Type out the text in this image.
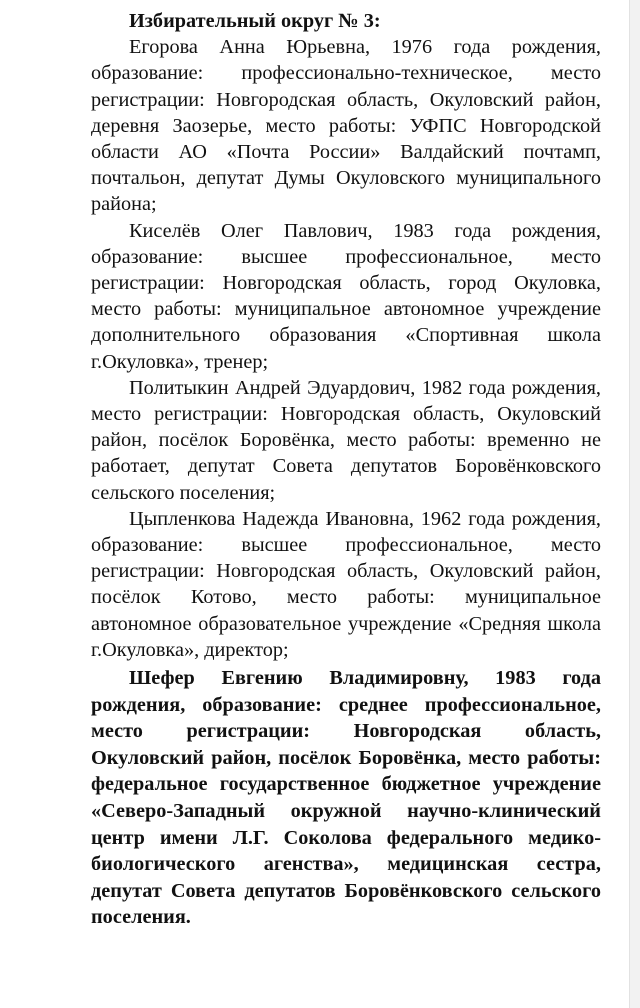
Избирательный округ № 3:

Егорова Анна Юрьевна, 1976 года рождения, образование: профессионально-техническое, место регистрации: Новгородская область, Окуловский район, деревня Заозерье, место работы: УФПС Новгородской области АО «Почта России» Валдайский почтамп, почтальон, депутат Думы Окуловского муниципального района;

Киселёв Олег Павлович, 1983 года рождения, образование: высшее профессиональное, место регистрации: Новгородская область, город Окуловка, место работы: муниципальное автономное учреждение дополнительного образования «Спортивная школа г.Окуловка», тренер;

Политыкин Андрей Эдуардович, 1982 года рождения, место регистрации: Новгородская область, Окуловский район, посёлок Боровёнка, место работы: временно не работает, депутат Совета депутатов Боровёнковского сельского поселения;

Цыпленкова Надежда Ивановна, 1962 года рождения, образование: высшее профессиональное, место регистрации: Новгородская область, Окуловский район, посёлок Котово, место работы: муниципальное автономное образовательное учреждение «Средняя школа г.Окуловка», директор;

Шефер Евгению Владимировну, 1983 года рождения, образование: среднее профессиональное, место регистрации: Новгородская область, Окуловский район, посёлок Боровёнка, место работы: федеральное государственное бюджетное учреждение «Северо-Западный окружной научно-клинический центр имени Л.Г. Соколова федерального медико-биологического агенства», медицинская сестра, депутат Совета депутатов Боровёнковского сельского поселения.
